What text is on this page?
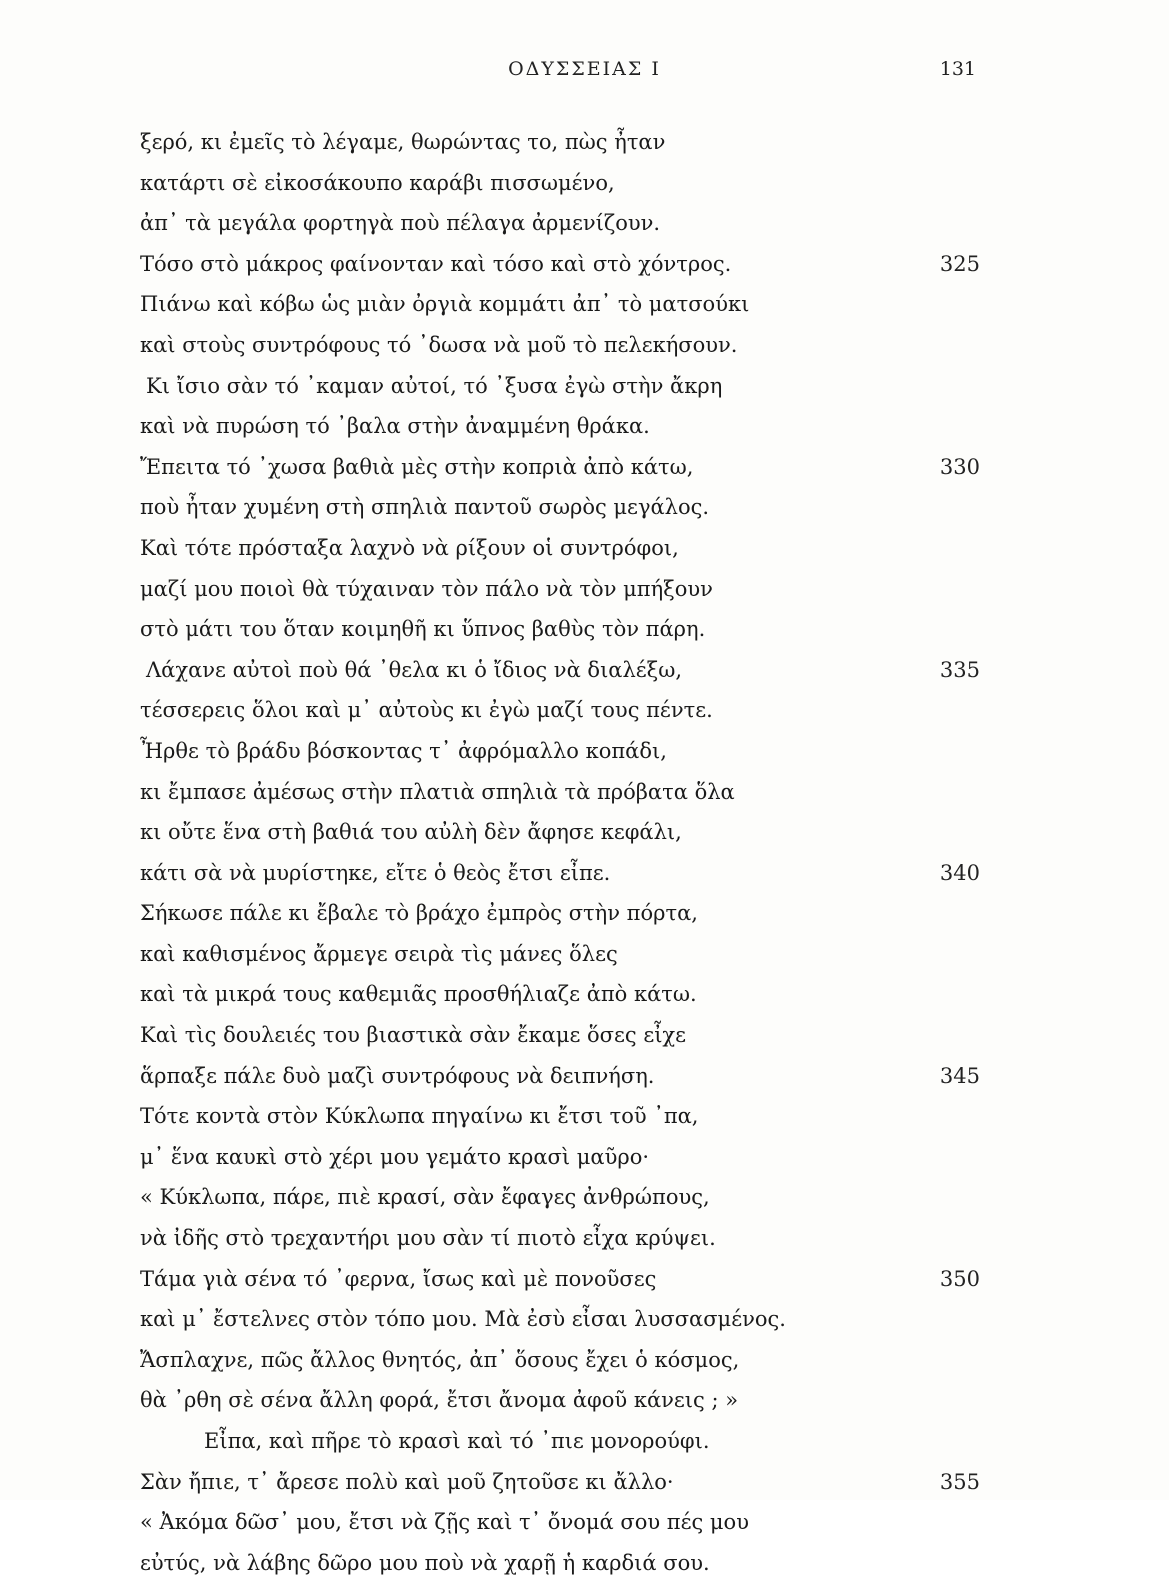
ΟΔΥΣΣΕΙΑΣ Ι	131
ξερό, κι ἐμεῖς τὸ λέγαμε, θωρώντας το, πὼς ἦταν
κατάρτι σὲ εἰκοσάκουπο καράβι πισσωμένο,
ἀπ᾽ τὰ μεγάλα φορτηγὰ ποὺ πέλαγα ἀρμενίζουν.
Τόσο στὸ μάκρος φαίνονταν καὶ τόσο καὶ στὸ χόντρος.	325
Πιάνω καὶ κόβω ὡς μιὰν ὀργιὰ κομμάτι ἀπ᾽ τὸ ματσούκι
καὶ στοὺς συντρόφους τό ᾽δωσα νὰ μοῦ τὸ πελεκήσουν.
Κι ἴσιο σὰν τό ᾽καμαν αὐτοί, τό ᾽ξυσα ἐγὼ στὴν ἄκρη
καὶ νὰ πυρώση τό ᾽βαλα στὴν ἀναμμένη θράκα.
Ἔπειτα τό ᾽χωσα βαθιὰ μὲς στὴν κοπριὰ ἀπὸ κάτω,	330
ποὺ ἦταν χυμένη στὴ σπηλιὰ παντοῦ σωρὸς μεγάλος.
Καὶ τότε πρόσταξα λαχνὸ νὰ ρίξουν οἱ συντρόφοι,
μαζί μου ποιοὶ θὰ τύχαιναν τὸν πάλο νὰ τὸν μπήξουν
στὸ μάτι του ὅταν κοιμηθῆ κι ὕπνος βαθὺς τὸν πάρη.
Λάχανε αὐτοὶ ποὺ θά ᾽θελα κι ὁ ἴδιος νὰ διαλέξω,	335
τέσσερεις ὅλοι καὶ μ᾽ αὐτοὺς κι ἐγὼ μαζί τους πέντε.
Ἦρθε τὸ βράδυ βόσκοντας τ᾽ ἀφρόμαλλο κοπάδι,
κι ἔμπασε ἀμέσως στὴν πλατιὰ σπηλιὰ τὰ πρόβατα ὅλα
κι οὔτε ἕνα στὴ βαθιά του αὐλὴ δὲν ἄφησε κεφάλι,
κάτι σὰ νὰ μυρίστηκε, εἴτε ὁ θεὸς ἔτσι εἶπε.	340
Σήκωσε πάλε κι ἔβαλε τὸ βράχο ἐμπρὸς στὴν πόρτα,
καὶ καθισμένος ἄρμεγε σειρὰ τὶς μάνες ὅλες
καὶ τὰ μικρά τους καθεμιᾶς προσθήλιαζε ἀπὸ κάτω.
Καὶ τὶς δουλειές του βιαστικὰ σὰν ἔκαμε ὅσες εἶχε
ἅρπαξε πάλε δυὸ μαζὶ συντρόφους νὰ δειπνήση.	345
Τότε κοντὰ στὸν Κύκλωπα πηγαίνω κι ἔτσι τοῦ ᾽πα,
μ᾽ ἕνα καυκὶ στὸ χέρι μου γεμάτο κρασὶ μαῦρο·
« Κύκλωπα, πάρε, πιὲ κρασί, σὰν ἔφαγες ἀνθρώπους,
νὰ ἰδῆς στὸ τρεχαντήρι μου σὰν τί πιοτὸ εἶχα κρύψει.
Τάμα γιὰ σένα τό ᾽φερνα, ἴσως καὶ μὲ πονοῦσες	350
καὶ μ᾽ ἔστελνες στὸν τόπο μου. Μὰ ἐσὺ εἶσαι λυσσασμένος.
Ἄσπλαχνε, πῶς ἄλλος θνητός, ἀπ᾽ ὅσους ἔχει ὁ κόσμος,
θὰ ᾽ρθη σὲ σένα ἄλλη φορά, ἔτσι ἄνομα ἀφοῦ κάνεις ; »
Εἶπα, καὶ πῆρε τὸ κρασὶ καὶ τό ᾽πιε μονορούφι.
Σὰν ἤπιε, τ᾽ ἄρεσε πολὺ καὶ μοῦ ζητοῦσε κι ἄλλο·	355
« Ἀκόμα δῶσ᾽ μου, ἔτσι νὰ ζῇς καὶ τ᾽ ὄνομά σου πές μου
εὐτύς, νὰ λάβης δῶρο μου ποὺ νὰ χαρῇ ἡ καρδιά σου.
